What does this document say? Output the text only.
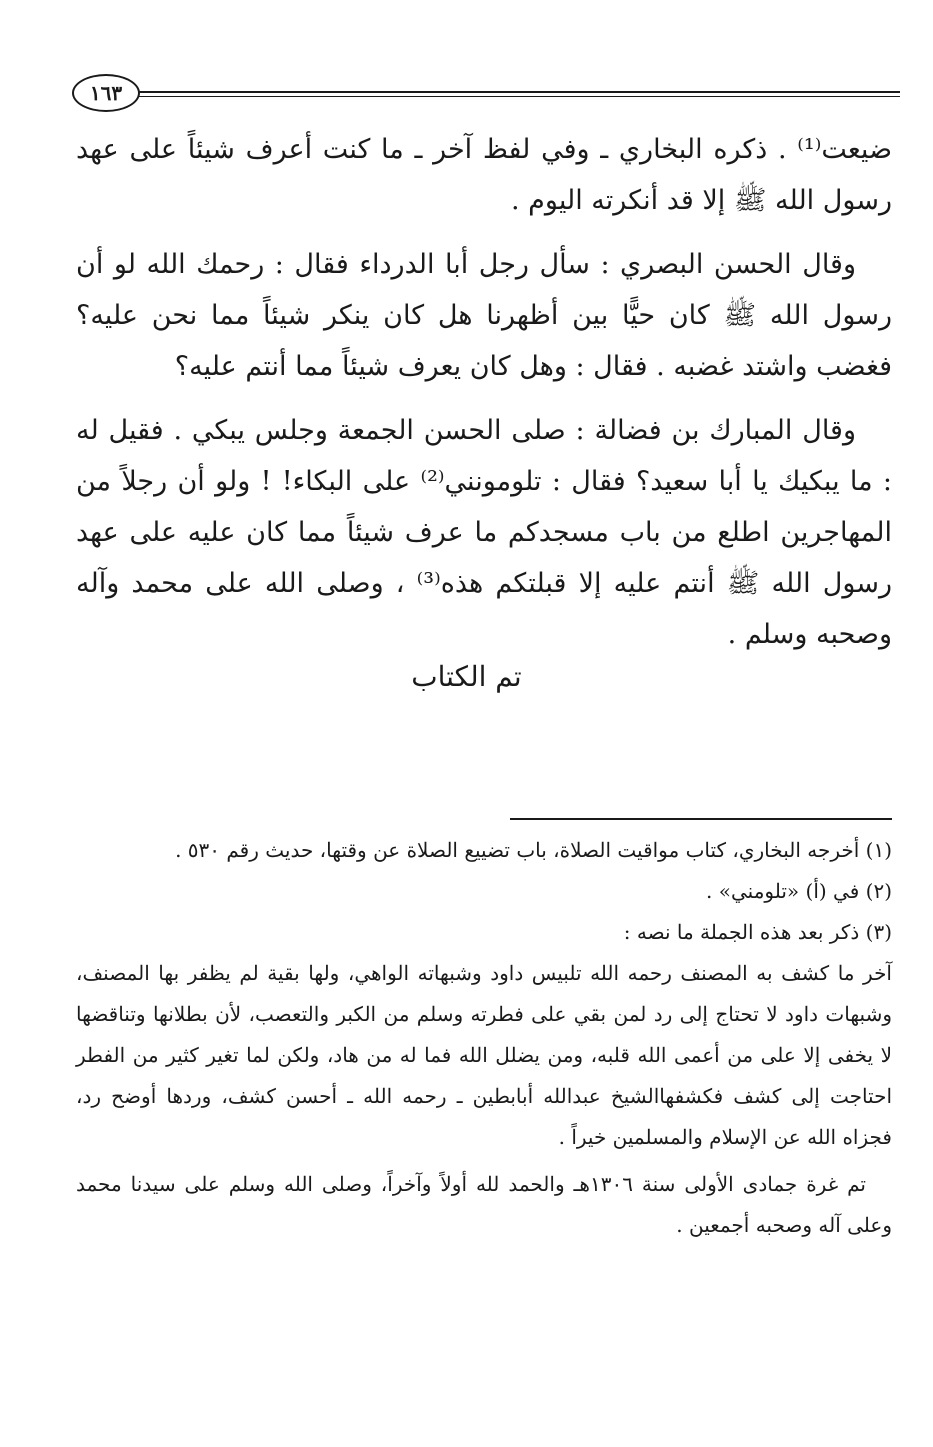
١٦٣

ضيعت⁽¹⁾ . ذكره البخاري ـ وفي لفظ آخر ـ ما كنت أعرف شيئاً على عهد رسول الله ﷺ إلا قد أنكرته اليوم .

وقال الحسن البصري : سأل رجل أبا الدرداء فقال : رحمك الله لو أن رسول الله ﷺ كان حيًّا بين أظهرنا هل كان ينكر شيئاً مما نحن عليه؟ فغضب واشتد غضبه . فقال : وهل كان يعرف شيئاً مما أنتم عليه؟

وقال المبارك بن فضالة : صلى الحسن الجمعة وجلس يبكي . فقيل له : ما يبكيك يا أبا سعيد؟ فقال : تلومونني⁽²⁾ على البكاء! ! ولو أن رجلاً من المهاجرين اطلع من باب مسجدكم ما عرف شيئاً مما كان عليه على عهد رسول الله ﷺ أنتم عليه إلا قبلتكم هذه⁽³⁾ ، وصلى الله على محمد وآله وصحبه وسلم .

تم الكتاب

(١) أخرجه البخاري، كتاب مواقيت الصلاة، باب تضييع الصلاة عن وقتها، حديث رقم ٥٣٠ .

(٢) في (أ) «تلومني» .

(٣) ذكر بعد هذه الجملة ما نصه :

آخر ما كشف به المصنف رحمه الله تلبيس داود وشبهاته الواهي، ولها بقية لم يظفر بها المصنف، وشبهات داود لا تحتاج إلى رد لمن بقي على فطرته وسلم من الكبر والتعصب، لأن بطلانها وتناقضها لا يخفى إلا على من أعمى الله قلبه، ومن يضلل الله فما له من هاد، ولكن لما تغير كثير من الفطر احتاجت إلى كشف فكشفهاالشيخ عبدالله أبابطين ـ رحمه الله ـ أحسن كشف، وردها أوضح رد، فجزاه الله عن الإسلام والمسلمين خيراً .

تم غرة جمادى الأولى سنة ١٣٠٦هـ والحمد لله أولاً وآخراً، وصلى الله وسلم على سيدنا محمد وعلى آله وصحبه أجمعين .
